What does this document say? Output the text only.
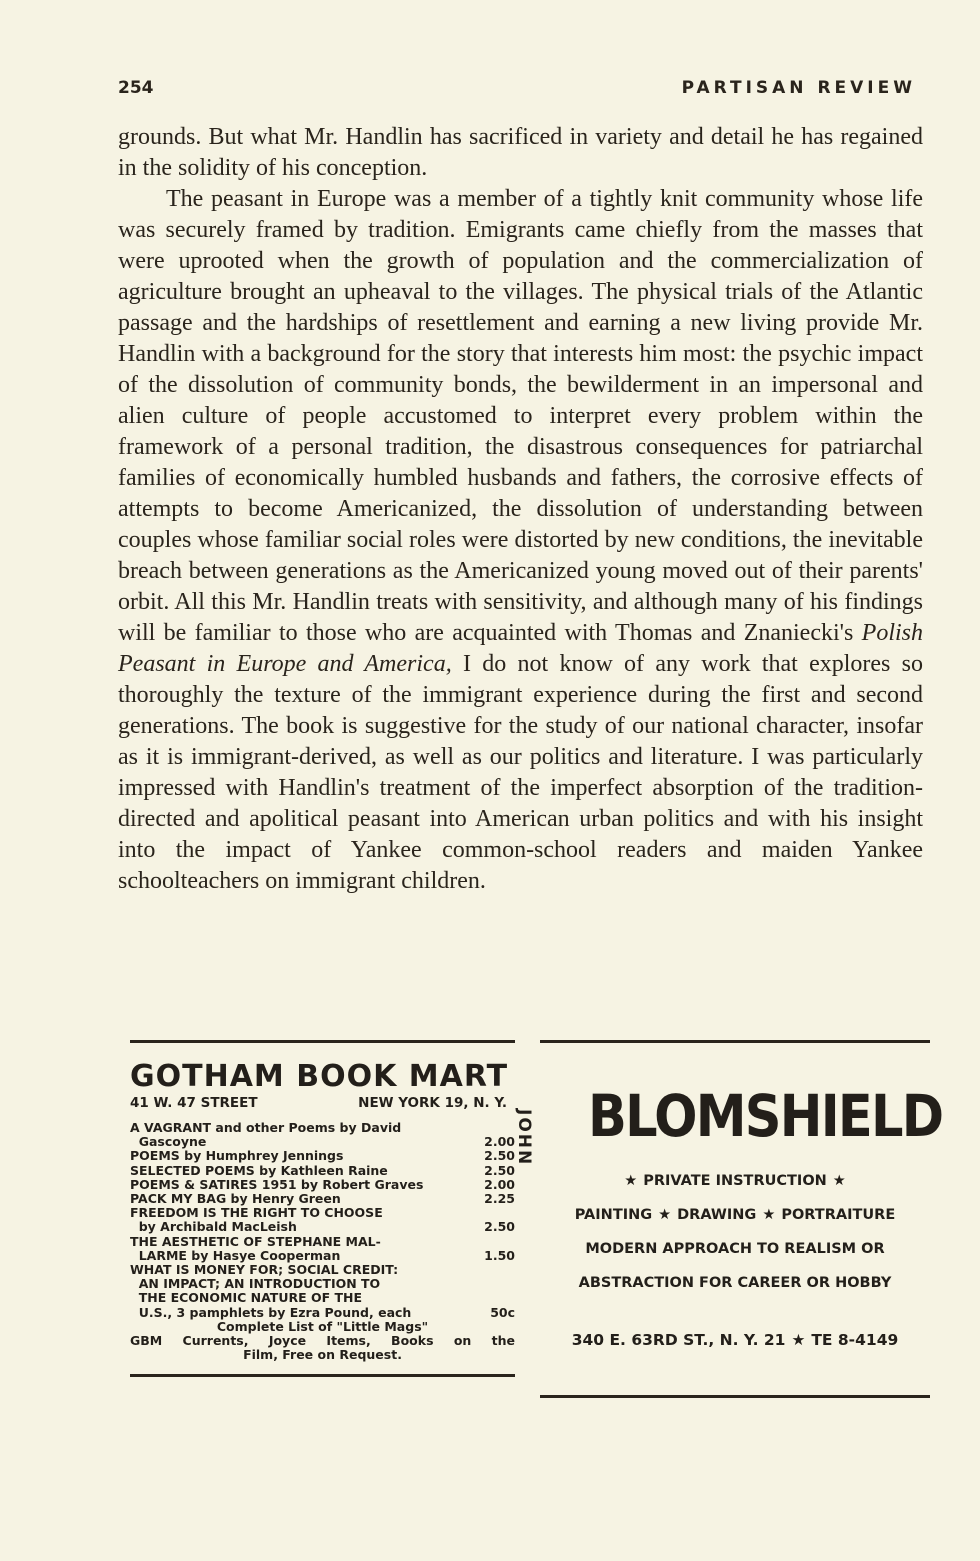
254	PARTISAN REVIEW

grounds. But what Mr. Handlin has sacrificed in variety and detail he has regained in the solidity of his conception.

The peasant in Europe was a member of a tightly knit community whose life was securely framed by tradition. Emigrants came chiefly from the masses that were uprooted when the growth of population and the commercialization of agriculture brought an upheaval to the villages. The physical trials of the Atlantic passage and the hardships of resettlement and earning a new living provide Mr. Handlin with a background for the story that interests him most: the psychic impact of the dissolution of community bonds, the bewilderment in an impersonal and alien culture of people accustomed to interpret every problem within the framework of a personal tradition, the disastrous consequences for patriarchal families of economically humbled husbands and fathers, the corrosive effects of attempts to become Americanized, the dissolution of understanding between couples whose familiar social roles were distorted by new conditions, the inevitable breach between generations as the Americanized young moved out of their parents' orbit. All this Mr. Handlin treats with sensitivity, and although many of his findings will be familiar to those who are acquainted with Thomas and Znaniecki's Polish Peasant in Europe and America, I do not know of any work that explores so thoroughly the texture of the immigrant experience during the first and second generations. The book is suggestive for the study of our national character, insofar as it is immigrant-derived, as well as our politics and literature. I was particularly impressed with Handlin's treatment of the imperfect absorption of the tradition-directed and apolitical peasant into American urban politics and with his insight into the impact of Yankee common-school readers and maiden Yankee schoolteachers on immigrant children.

GOTHAM BOOK MART
41 W. 47 STREET	NEW YORK 19, N. Y.
A VAGRANT and other Poems by David
Gascoyne	2.00
POEMS by Humphrey Jennings	2.50
SELECTED POEMS by Kathleen Raine	2.50
POEMS & SATIRES 1951 by Robert Graves	2.00
PACK MY BAG by Henry Green	2.25
FREEDOM IS THE RIGHT TO CHOOSE
by Archibald MacLeish	2.50
THE AESTHETIC OF STEPHANE MAL-
LARME by Hasye Cooperman	1.50
WHAT IS MONEY FOR; SOCIAL CREDIT:
AN IMPACT; AN INTRODUCTION TO
THE ECONOMIC NATURE OF THE
U.S., 3 pamphlets by Ezra Pound, each	50c
Complete List of "Little Mags"
GBM Currents, Joyce Items, Books on the
Film, Free on Request.
JOHN BLOMSHIELD
★ PRIVATE INSTRUCTION ★
PAINTING ★ DRAWING ★ PORTRAITURE
MODERN APPROACH TO REALISM OR
ABSTRACTION FOR CAREER OR HOBBY
340 E. 63RD ST., N. Y. 21 ★ TE 8-4149
